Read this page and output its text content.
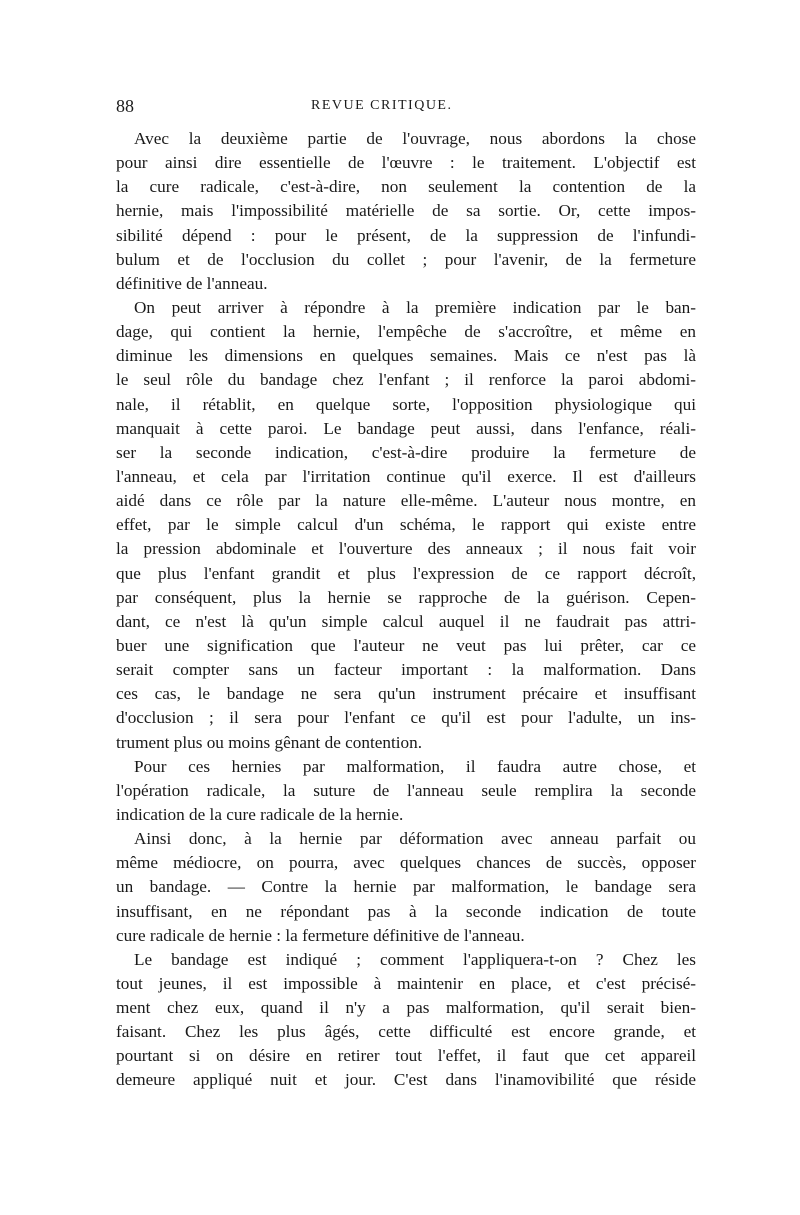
88	REVUE CRITIQUE.
Avec la deuxième partie de l'ouvrage, nous abordons la chose
pour ainsi dire essentielle de l'œuvre : le traitement. L'objectif est
la cure radicale, c'est-à-dire, non seulement la contention de la
hernie, mais l'impossibilité matérielle de sa sortie. Or, cette impos-
sibilité dépend : pour le présent, de la suppression de l'infundi-
bulum et de l'occlusion du collet ; pour l'avenir, de la fermeture
définitive de l'anneau.
On peut arriver à répondre à la première indication par le ban-
dage, qui contient la hernie, l'empêche de s'accroître, et même en
diminue les dimensions en quelques semaines. Mais ce n'est pas là
le seul rôle du bandage chez l'enfant ; il renforce la paroi abdomi-
nale, il rétablit, en quelque sorte, l'opposition physiologique qui
manquait à cette paroi. Le bandage peut aussi, dans l'enfance, réali-
ser la seconde indication, c'est-à-dire produire la fermeture de
l'anneau, et cela par l'irritation continue qu'il exerce. Il est d'ailleurs
aidé dans ce rôle par la nature elle-même. L'auteur nous montre, en
effet, par le simple calcul d'un schéma, le rapport qui existe entre
la pression abdominale et l'ouverture des anneaux ; il nous fait voir
que plus l'enfant grandit et plus l'expression de ce rapport décroît,
par conséquent, plus la hernie se rapproche de la guérison. Cepen-
dant, ce n'est là qu'un simple calcul auquel il ne faudrait pas attri-
buer une signification que l'auteur ne veut pas lui prêter, car ce
serait compter sans un facteur important : la malformation. Dans
ces cas, le bandage ne sera qu'un instrument précaire et insuffisant
d'occlusion ; il sera pour l'enfant ce qu'il est pour l'adulte, un ins-
trument plus ou moins gênant de contention.
Pour ces hernies par malformation, il faudra autre chose, et
l'opération radicale, la suture de l'anneau seule remplira la seconde
indication de la cure radicale de la hernie.
Ainsi donc, à la hernie par déformation avec anneau parfait ou
même médiocre, on pourra, avec quelques chances de succès, opposer
un bandage. — Contre la hernie par malformation, le bandage sera
insuffisant, en ne répondant pas à la seconde indication de toute
cure radicale de hernie : la fermeture définitive de l'anneau.
Le bandage est indiqué ; comment l'appliquera-t-on ? Chez les
tout jeunes, il est impossible à maintenir en place, et c'est précisé-
ment chez eux, quand il n'y a pas malformation, qu'il serait bien-
faisant. Chez les plus âgés, cette difficulté est encore grande, et
pourtant si on désire en retirer tout l'effet, il faut que cet appareil
demeure appliqué nuit et jour. C'est dans l'inamovibilité que réside
